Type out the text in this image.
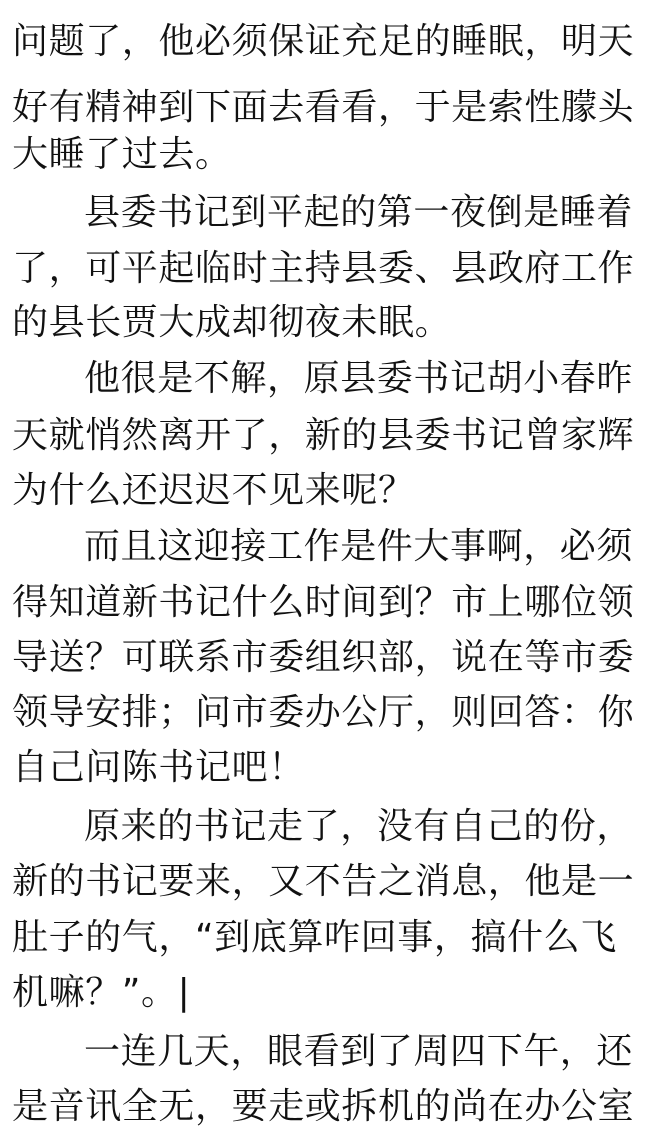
问题了，他必须保证充足的睡眠，明天
好有精神到下面去看看，于是索性朦头
大睡了过去。
县委书记到平起的第一夜倒是睡着
了，可平起临时主持县委、县政府工作
的县长贾大成却彻夜未眠。
他很是不解，原县委书记胡小春昨
天就悄然离开了，新的县委书记曾家辉
为什么还迟迟不见来呢？
而且这迎接工作是件大事啊，必须
得知道新书记什么时间到？市上哪位领
导送？可联系市委组织部，说在等市委
领导安排；问市委办公厅，则回答：你
自己问陈书记吧！
原来的书记走了，没有自己的份，
新的书记要来，又不告之消息，他是一
肚子的气，“到底算咋回事，搞什么飞
机嘛？”。|
一连几天，眼看到了周四下午，还
是音讯全无，要走或拆机的尚在办公室
